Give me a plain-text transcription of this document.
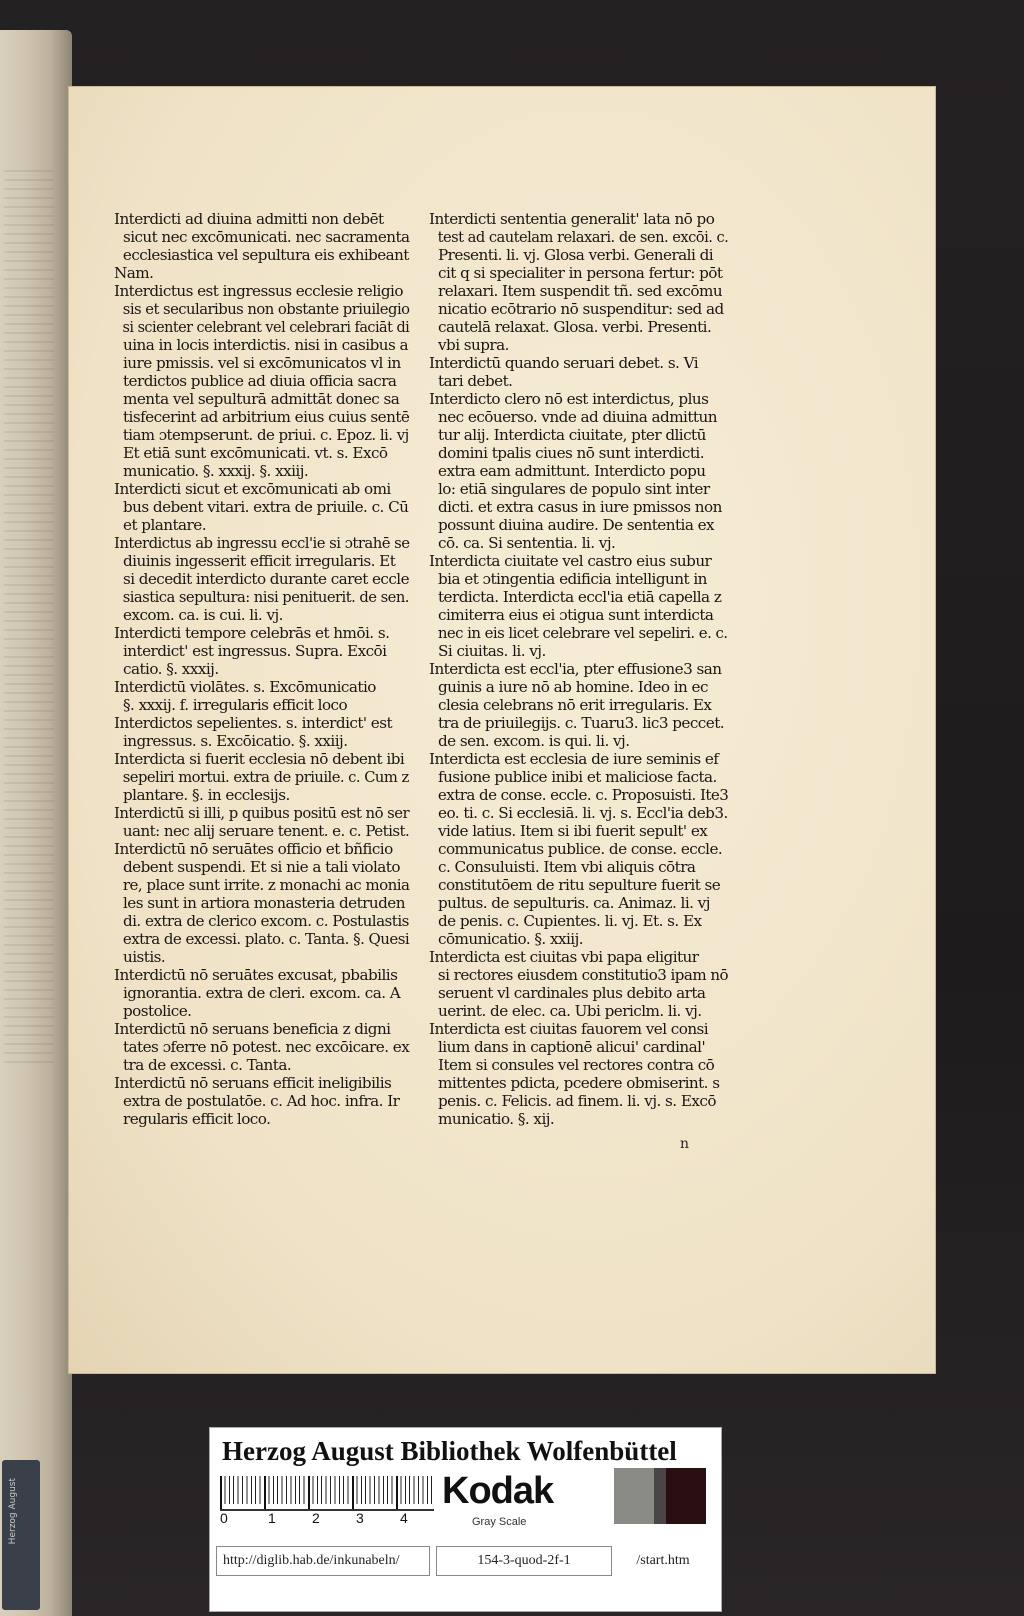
Herzog August
Interdicti ad diuina admitti non debēt
sicut nec excōmunicati. nec sacramenta
ecclesiastica vel sepultura eis exhibeant
Nam.
Interdictus est ingressus ecclesie religio
sis et secularibus non obstante priuilegio
si scienter celebrant vel celebrari faciāt di
uina in locis interdictis. nisi in casibus a
iure pmissis. vel si excōmunicatos vl in
terdictos publice ad diuia officia sacra
menta vel sepulturā admittāt donec sa
tisfecerint ad arbitrium eius cuius sentē
tiam ɔtempserunt. de priui. c. Epoz. li. vj
Et etiā sunt excōmunicati. vt. s. Excō
municatio. §. xxxij. §. xxiij.
Interdicti sicut et excōmunicati ab omi
bus debent vitari. extra de priuile. c. Cū
et plantare.
Interdictus ab ingressu eccl'ie si ɔtrahē se
diuinis ingesserit efficit irregularis. Et
si decedit interdicto durante caret eccle
siastica sepultura: nisi penituerit. de sen.
excom. ca. is cui. li. vj.
Interdicti tempore celebrās et hmōi. s.
interdict' est ingressus. Supra. Excōi
catio. §. xxxij.
Interdictū violātes. s. Excōmunicatio
§. xxxij. f. irregularis efficit loco
Interdictos sepelientes. s. interdict' est
ingressus. s. Excōicatio. §. xxiij.
Interdicta si fuerit ecclesia nō debent ibi
sepeliri mortui. extra de priuile. c. Cum z
plantare. §. in ecclesijs.
Interdictū si illi, p quibus positū est nō ser
uant: nec alij seruare tenent. e. c. Petist.
Interdictū nō seruātes officio et bñficio
debent suspendi. Et si nie a tali violato
re, place sunt irrite. z monachi ac monia
les sunt in artiora monasteria detruden
di. extra de clerico excom. c. Postulastis
extra de excessi. plato. c. Tanta. §. Quesi
uistis.
Interdictū nō seruātes excusat, pbabilis
ignorantia. extra de cleri. excom. ca. A
postolice.
Interdictū nō seruans beneficia z digni
tates ɔferre nō potest. nec excōicare. ex
tra de excessi. c. Tanta.
Interdictū nō seruans efficit ineligibilis
extra de postulatōe. c. Ad hoc. infra. Ir
regularis efficit loco.
Interdicti sententia generalit' lata nō po
test ad cautelam relaxari. de sen. excōi. c.
Presenti. li. vj. Glosa verbi. Generali di
cit q si specialiter in persona fertur: pōt
relaxari. Item suspendit tñ. sed excōmu
nicatio ecōtrario nō suspenditur: sed ad
cautelā relaxat. Glosa. verbi. Presenti.
vbi supra.
Interdictū quando seruari debet. s. Vi
tari debet.
Interdicto clero nō est interdictus, plus
nec ecōuerso. vnde ad diuina admittun
tur alij. Interdicta ciuitate, pter dlictū
domini tpalis ciues nō sunt interdicti.
extra eam admittunt. Interdicto popu
lo: etiā singulares de populo sint inter
dicti. et extra casus in iure pmissos non
possunt diuina audire. De sententia ex
cō. ca. Si sententia. li. vj.
Interdicta ciuitate vel castro eius subur
bia et ɔtingentia edificia intelligunt in
terdicta. Interdicta eccl'ia etiā capella z
cimiterra eius ei ɔtigua sunt interdicta
nec in eis licet celebrare vel sepeliri. e. c.
Si ciuitas. li. vj.
Interdicta est eccl'ia, pter effusione3 san
guinis a iure nō ab homine. Ideo in ec
clesia celebrans nō erit irregularis. Ex
tra de priuilegijs. c. Tuaru3. lic3 peccet.
de sen. excom. is qui. li. vj.
Interdicta est ecclesia de iure seminis ef
fusione publice inibi et maliciose facta.
extra de conse. eccle. c. Proposuisti. Ite3
eo. ti. c. Si ecclesiā. li. vj. s. Eccl'ia deb3.
vide latius. Item si ibi fuerit sepult' ex
communicatus publice. de conse. eccle.
c. Consuluisti. Item vbi aliquis cōtra
constitutōem de ritu sepulture fuerit se
pultus. de sepulturis. ca. Animaz. li. vj
de penis. c. Cupientes. li. vj. Et. s. Ex
cōmunicatio. §. xxiij.
Interdicta est ciuitas vbi papa eligitur
si rectores eiusdem constitutio3 ipam nō
seruent vl cardinales plus debito arta
uerint. de elec. ca. Ubi periclm. li. vj.
Interdicta est ciuitas fauorem vel consi
lium dans in captionē alicui' cardinal'
Item si consules vel rectores contra cō
mittentes pdicta, pcedere obmiserint. s
penis. c. Felicis. ad finem. li. vj. s. Excō
municatio. §. xij.
n
Herzog August Bibliothek Wolfenbüttel
0	1	2	3	4
Kodak
Gray Scale
http://diglib.hab.de/inkunabeln/	154-3-quod-2f-1	/start.htm
